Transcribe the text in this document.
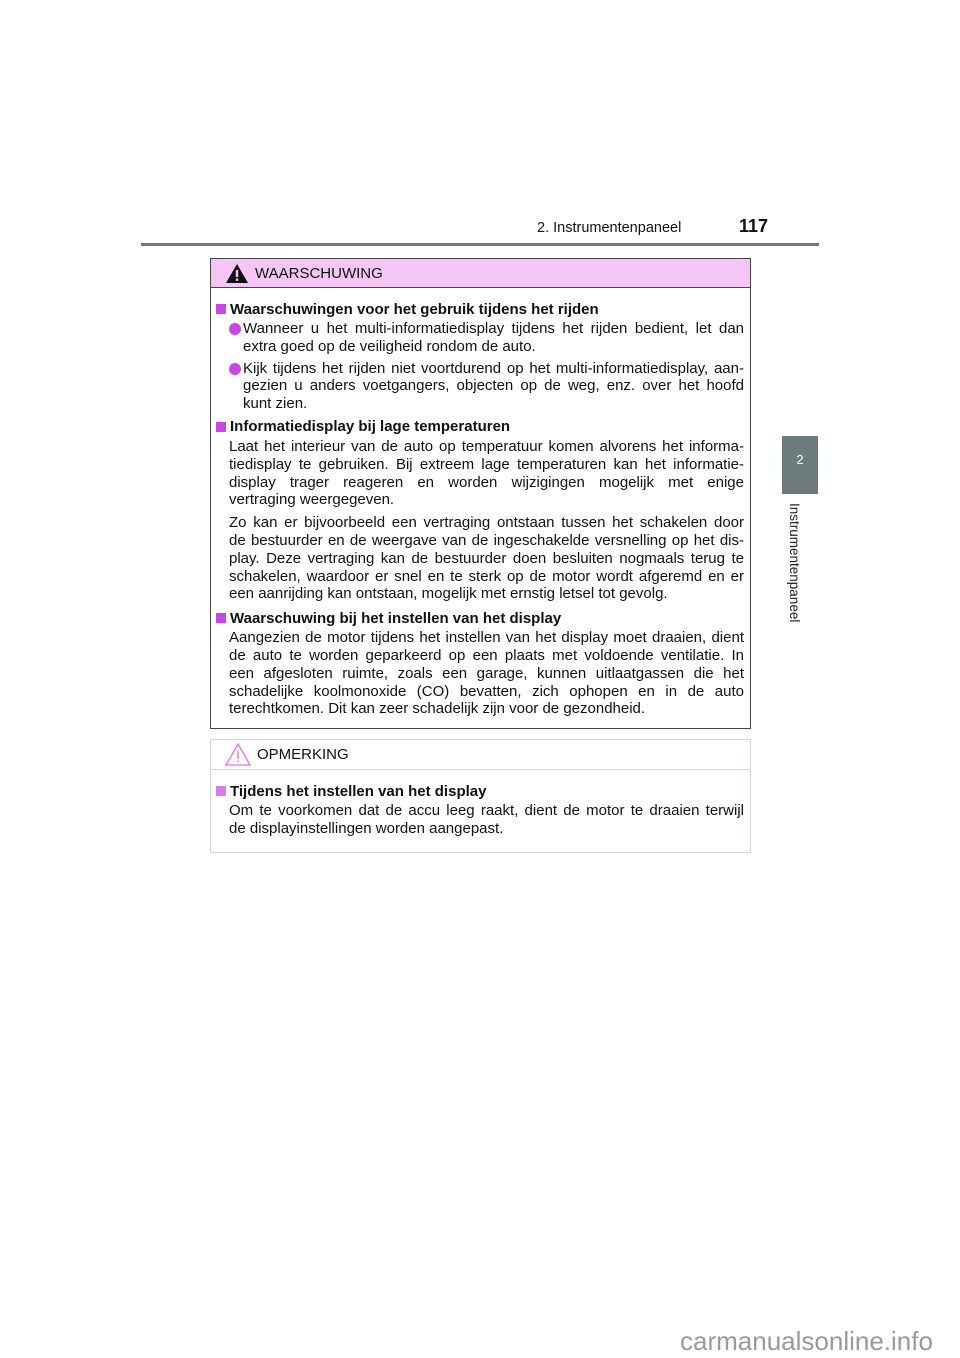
2. Instrumentenpaneel	117
2
Instrumentenpaneel
WAARSCHUWING
Waarschuwingen voor het gebruik tijdens het rijden
Wanneer u het multi-informatiedisplay tijdens het rijden bedient, let dan
extra goed op de veiligheid rondom de auto.
Kijk tijdens het rijden niet voortdurend op het multi-informatiedisplay, aan-
gezien u anders voetgangers, objecten op de weg, enz. over het hoofd
kunt zien.
Informatiedisplay bij lage temperaturen
Laat het interieur van de auto op temperatuur komen alvorens het informa-
tiedisplay te gebruiken. Bij extreem lage temperaturen kan het informatie-
display trager reageren en worden wijzigingen mogelijk met enige
vertraging weergegeven.
Zo kan er bijvoorbeeld een vertraging ontstaan tussen het schakelen door
de bestuurder en de weergave van de ingeschakelde versnelling op het dis-
play. Deze vertraging kan de bestuurder doen besluiten nogmaals terug te
schakelen, waardoor er snel en te sterk op de motor wordt afgeremd en er
een aanrijding kan ontstaan, mogelijk met ernstig letsel tot gevolg.
Waarschuwing bij het instellen van het display
Aangezien de motor tijdens het instellen van het display moet draaien, dient
de auto te worden geparkeerd op een plaats met voldoende ventilatie. In
een afgesloten ruimte, zoals een garage, kunnen uitlaatgassen die het
schadelijke koolmonoxide (CO) bevatten, zich ophopen en in de auto
terechtkomen. Dit kan zeer schadelijk zijn voor de gezondheid.
OPMERKING
Tijdens het instellen van het display
Om te voorkomen dat de accu leeg raakt, dient de motor te draaien terwijl
de displayinstellingen worden aangepast.
carmanualsonline.info
